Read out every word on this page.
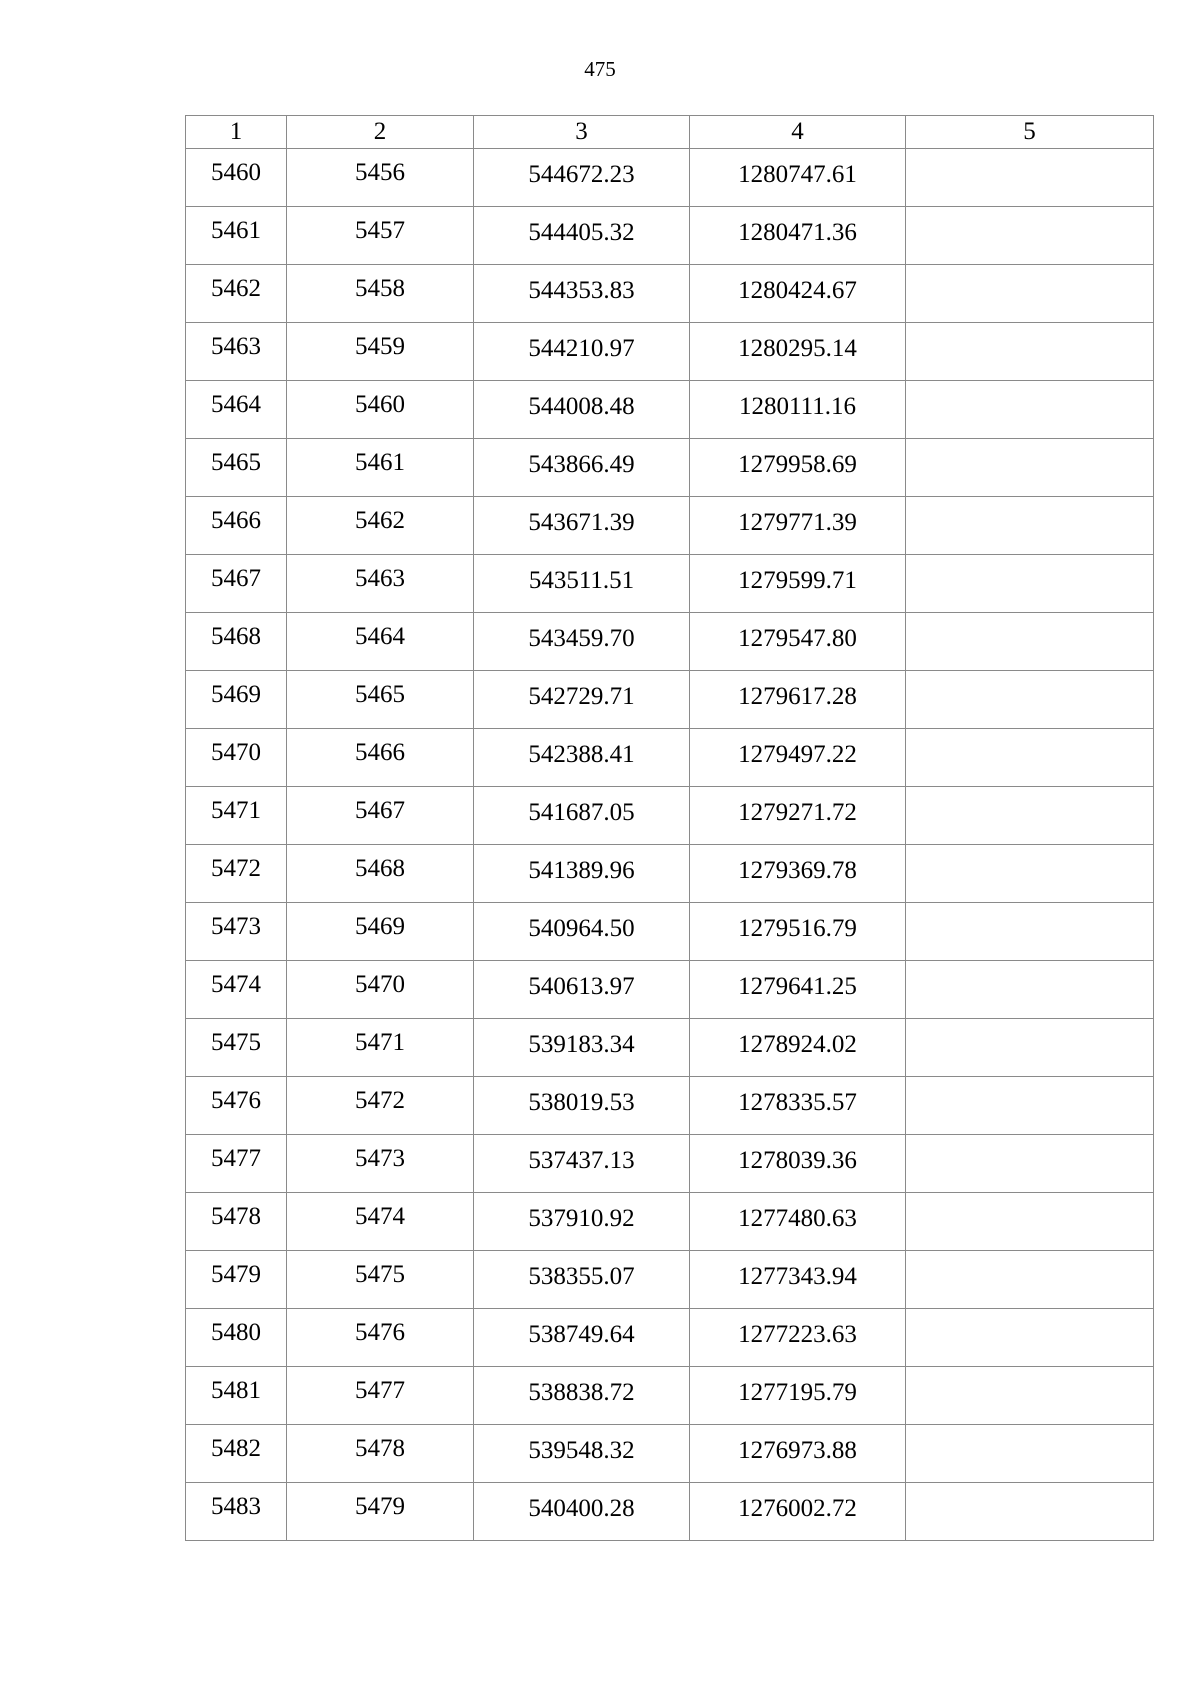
475
1	2	3	4	5
5460	5456	544672.23	1280747.61	
5461	5457	544405.32	1280471.36	
5462	5458	544353.83	1280424.67	
5463	5459	544210.97	1280295.14	
5464	5460	544008.48	1280111.16	
5465	5461	543866.49	1279958.69	
5466	5462	543671.39	1279771.39	
5467	5463	543511.51	1279599.71	
5468	5464	543459.70	1279547.80	
5469	5465	542729.71	1279617.28	
5470	5466	542388.41	1279497.22	
5471	5467	541687.05	1279271.72	
5472	5468	541389.96	1279369.78	
5473	5469	540964.50	1279516.79	
5474	5470	540613.97	1279641.25	
5475	5471	539183.34	1278924.02	
5476	5472	538019.53	1278335.57	
5477	5473	537437.13	1278039.36	
5478	5474	537910.92	1277480.63	
5479	5475	538355.07	1277343.94	
5480	5476	538749.64	1277223.63	
5481	5477	538838.72	1277195.79	
5482	5478	539548.32	1276973.88	
5483	5479	540400.28	1276002.72	
